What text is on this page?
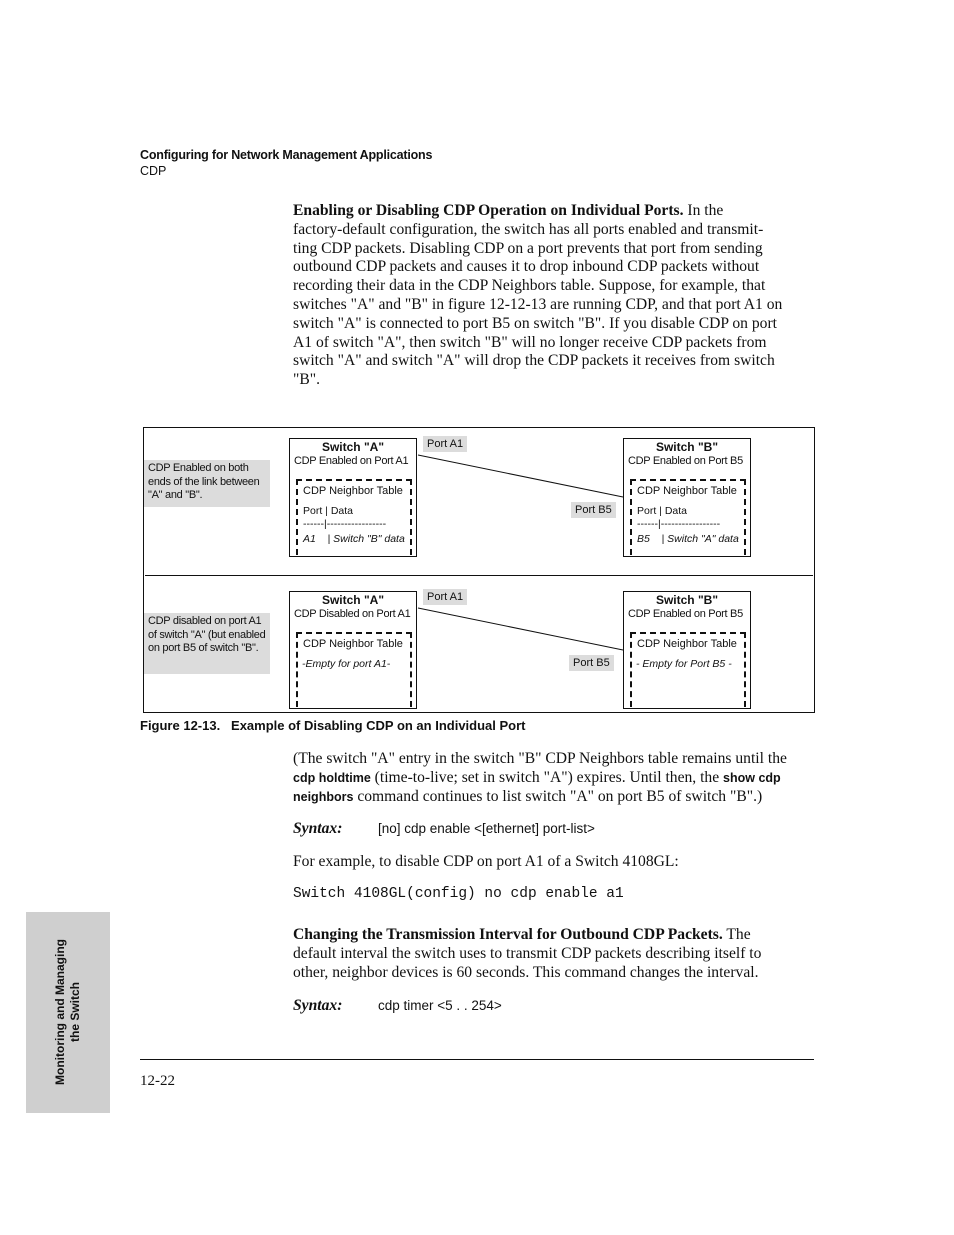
Configuring for Network Management Applications
CDP
Enabling or Disabling CDP Operation on Individual Ports. In the
factory-default configuration, the switch has all ports enabled and transmit-
ting CDP packets. Disabling CDP on a port prevents that port from sending
outbound CDP packets and causes it to drop inbound CDP packets without
recording their data in the CDP Neighbors table. Suppose, for example, that
switches "A" and "B" in figure 12-12-13 are running CDP, and that port A1 on
switch "A" is connected to port B5 on switch "B". If you disable CDP on port
A1 of switch "A", then switch "B" will no longer receive CDP packets from
switch "A" and switch "A" will drop the CDP packets it receives from switch
"B".
CDP Enabled on both ends of the link between "A" and "B".
Switch "A"
CDP Enabled on Port A1
CDP Neighbor Table
Port | Data
------|-----------------
A1 | Switch "B" data
Port A1
Port B5
Switch "B"
CDP Enabled on Port B5
CDP Neighbor Table
Port | Data
------|-----------------
B5 | Switch "A" data
CDP disabled on port A1 of switch "A" (but enabled on port B5 of switch "B".
Switch "A"
CDP Disabled on Port A1
CDP Neighbor Table
-Empty for port A1-
Port A1
Port B5
Switch "B"
CDP Enabled on Port B5
CDP Neighbor Table
- Empty for Port B5 -
Figure 12-13.   Example of Disabling CDP on an Individual Port
(The switch "A" entry in the switch "B" CDP Neighbors table remains until the
cdp holdtime (time-to-live; set in switch "A") expires. Until then, the show cdp
neighbors command continues to list switch "A" on port B5 of switch "B".)
Syntax:	[no] cdp enable <[ethernet] port-list>
For example, to disable CDP on port A1 of a Switch 4108GL:
Switch 4108GL(config) no cdp enable a1
Changing the Transmission Interval for Outbound CDP Packets. The
default interval the switch uses to transmit CDP packets describing itself to
other, neighbor devices is 60 seconds. This command changes the interval.
Syntax:	cdp timer <5 . . 254>
12-22
Monitoring and Managing the Switch
